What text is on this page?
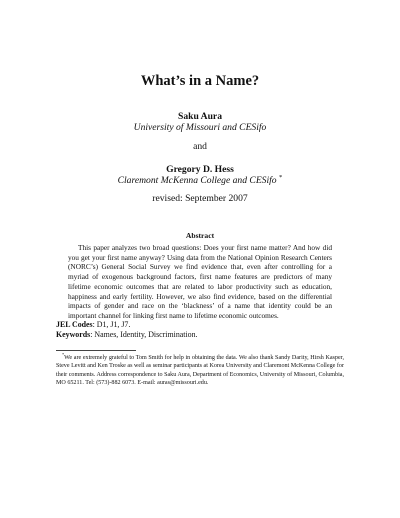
What’s in a Name?
Saku Aura
University of Missouri and CESifo
and
Gregory D. Hess
Claremont McKenna College and CESifo *
revised: September 2007
Abstract
This paper analyzes two broad questions: Does your first name matter? And how did you get your first name anyway? Using data from the National Opinion Research Centers (NORC’s) General Social Survey we find evidence that, even after controlling for a myriad of exogenous background factors, first name features are predictors of many lifetime economic outcomes that are related to labor productivity such as education, happiness and early fertility. However, we also find evidence, based on the differential impacts of gender and race on the ‘blackness’ of a name that identity could be an important channel for linking first name to lifetime economic outcomes.
JEL Codes: D1, J1, J7.
Keywords: Names, Identity, Discrimination.
*We are extremely grateful to Tom Smith for help in obtaining the data. We also thank Sandy Darity, Hirsh Kasper, Steve Levitt and Ken Troske as well as seminar participants at Korea University and Claremont McKenna College for their comments. Address correspondence to Saku Aura, Department of Economics, University of Missouri, Columbia, MO 65211. Tel: (573)-882 6073. E-mail: auras@missouri.edu.
